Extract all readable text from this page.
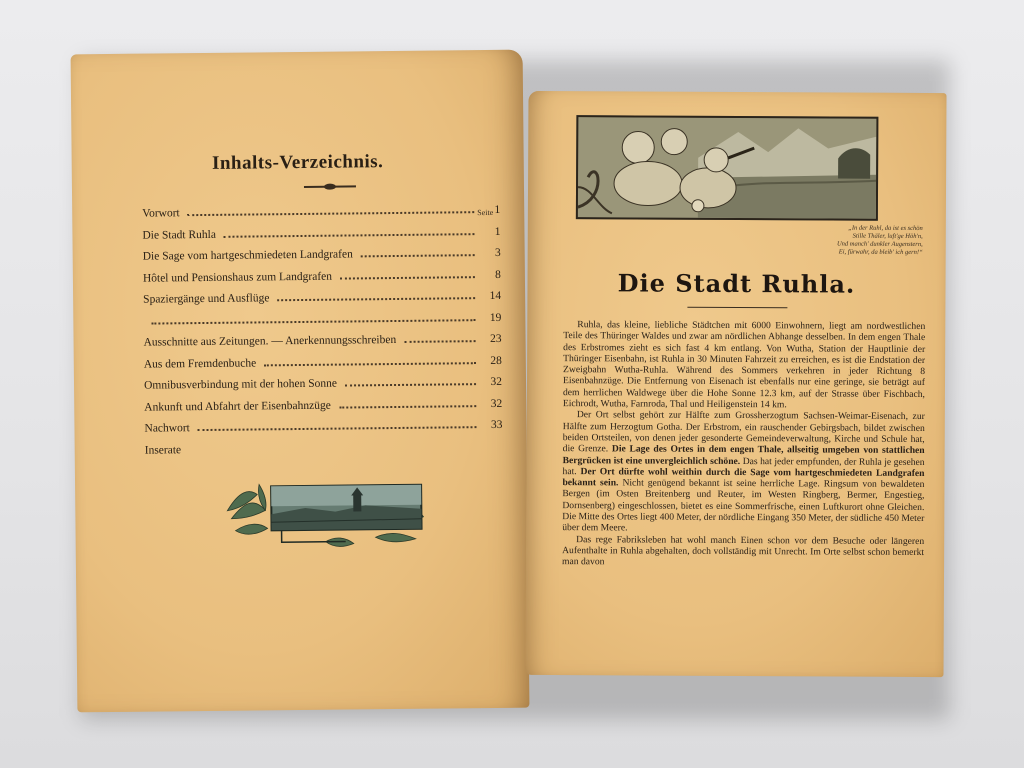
Inhalts-Verzeichnis.
Seite
Vorwort	1
Die Stadt Ruhla	1
Die Sage vom hartgeschmiedeten Landgrafen	3
Hôtel und Pensionshaus zum Landgrafen	8
Spaziergänge und Ausflüge	14
19
Ausschnitte aus Zeitungen. — Anerkennungsschreiben	23
Aus dem Fremdenbuche	28
Omnibusverbindung mit der hohen Sonne	32
Ankunft und Abfahrt der Eisenbahnzüge	32
Nachwort	33
Inserate
„In der Ruhl, da ist es schön
Stille Thäler, luft'ge Höh'n,
Und manch' dunkler Augenstern,
Ei, fürwahr, da bleib' ich gern!“
Die Stadt Ruhla.

Ruhla, das kleine, liebliche Städtchen mit 6000 Einwohnern, liegt am nordwestlichen Teile des Thüringer Waldes und zwar am nördlichen Abhange desselben. In dem engen Thale des Erbstromes zieht es sich fast 4 km entlang. Von Wutha, Station der Hauptlinie der Thüringer Eisenbahn, ist Ruhla in 30 Minuten Fahrzeit zu erreichen, es ist die Endstation der Zweigbahn Wutha-Ruhla. Während des Sommers verkehren in jeder Richtung 8 Eisenbahnzüge. Die Entfernung von Eisenach ist ebenfalls nur eine geringe, sie beträgt auf dem herrlichen Waldwege über die Hohe Sonne 12.3 km, auf der Strasse über Fischbach, Eichrodt, Wutha, Farnroda, Thal und Heiligenstein 14 km.

Der Ort selbst gehört zur Hälfte zum Grossherzogtum Sachsen-Weimar-Eisenach, zur Hälfte zum Herzogtum Gotha. Der Erbstrom, ein rauschender Gebirgsbach, bildet zwischen beiden Ortsteilen, von denen jeder gesonderte Gemeindeverwaltung, Kirche und Schule hat, die Grenze. Die Lage des Ortes in dem engen Thale, allseitig umgeben von stattlichen Bergrücken ist eine unvergleichlich schöne. Das hat jeder empfunden, der Ruhla je gesehen hat. Der Ort dürfte wohl weithin durch die Sage vom hartgeschmiedeten Landgrafen bekannt sein. Nicht genügend bekannt ist seine herrliche Lage. Ringsum von bewaldeten Bergen (im Osten Breitenberg und Reuter, im Westen Ringberg, Bermer, Engestieg, Dornsenberg) eingeschlossen, bietet es eine Sommerfrische, einen Luftkurort ohne Gleichen. Die Mitte des Ortes liegt 400 Meter, der nördliche Eingang 350 Meter, der südliche 450 Meter über dem Meere.

Das rege Fabriksleben hat wohl manch Einen schon vor dem Besuche oder längeren Aufenthalte in Ruhla abgehalten, doch vollständig mit Unrecht. Im Orte selbst schon bemerkt man davon
